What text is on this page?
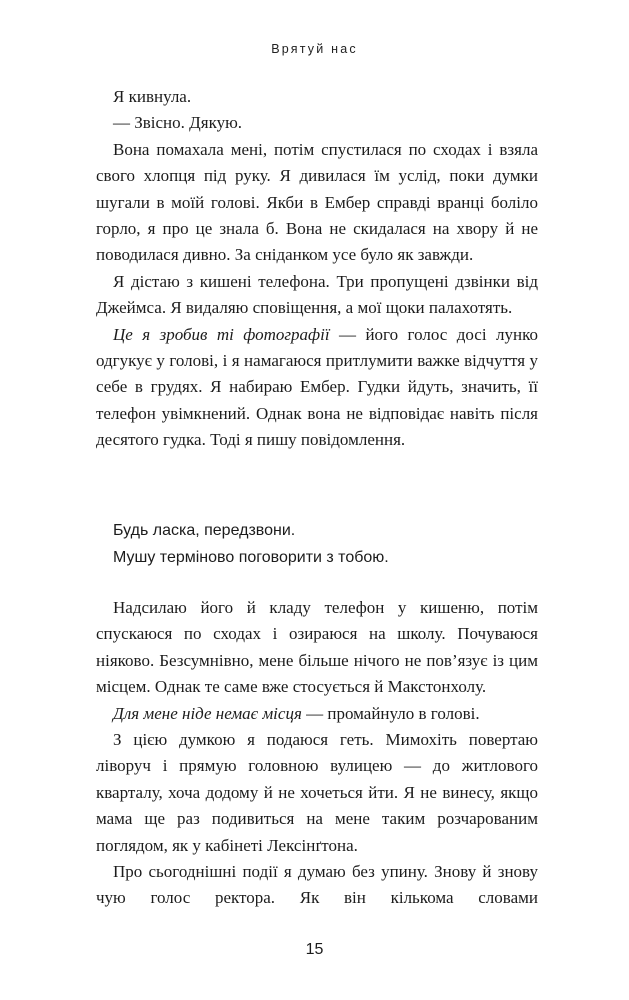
Врятуй нас

Я кивнула.

— Звісно. Дякую.

Вона помахала мені, потім спустилася по сходах і взяла свого хлопця під руку. Я дивилася їм услід, поки думки шугали в моїй голові. Якби в Ембер справді вранці боліло горло, я про це знала б. Вона не скидалася на хвору й не поводилася дивно. За сніданком усе було як завжди.

Я дістаю з кишені телефона. Три пропущені дзвінки від Джеймса. Я видаляю сповіщення, а мої щоки палахотять.

Це я зробив ті фотографії — його голос досі лунко одгукує у голові, і я намагаюся притлумити важке відчуття у себе в грудях. Я набираю Ембер. Гудки йдуть, значить, її телефон увімкнений. Однак вона не відповідає навіть після десятого гудка. Тоді я пишу повідомлення.

Будь ласка, передзвони.
Мушу терміново поговорити з тобою.

Надсилаю його й кладу телефон у кишеню, потім спускаюся по сходах і озираюся на школу. Почуваюся ніяково. Безсумнівно, мене більше нічого не пов’язує із цим місцем. Однак те саме вже стосується й Макстонхолу.

Для мене ніде немає місця — промайнуло в голові.

З цією думкою я подаюся геть. Мимохіть повертаю ліворуч і прямую головною вулицею — до житлового кварталу, хоча додому й не хочеться йти. Я не винесу, якщо мама ще раз подивиться на мене таким розчарованим поглядом, як у кабінеті Лексінґтона.

Про сьогоднішні події я думаю без упину. Знову й знову чую голос ректора. Як він кількома словами

15
